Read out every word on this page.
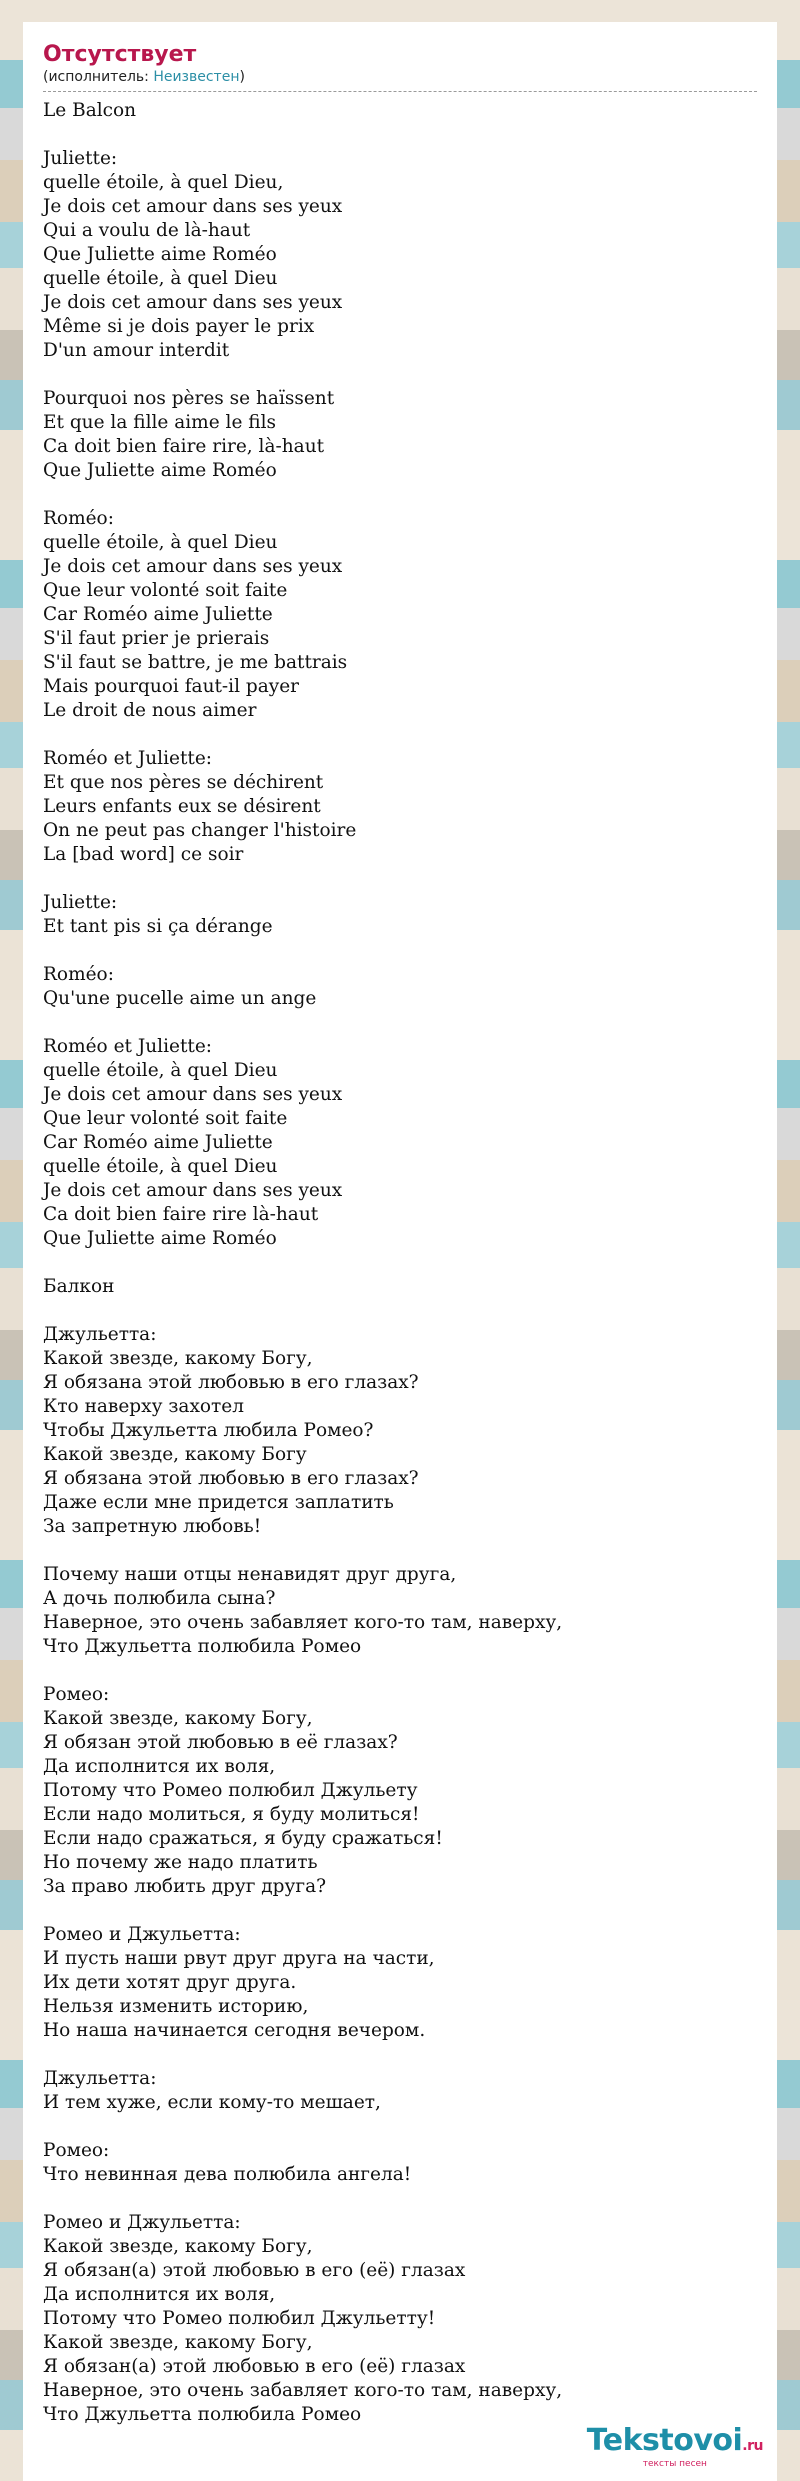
Отсутствует
(исполнитель: Неизвестен)
Le Balcon
Juliette:
quelle étoile, à quel Dieu,
Je dois cet amour dans ses yeux
Qui a voulu de là-haut
Que Juliette aime Roméo
quelle étoile, à quel Dieu
Je dois cet amour dans ses yeux
Même si je dois payer le prix
D'un amour interdit
Pourquoi nos pères se haïssent
Et que la fille aime le fils
Ca doit bien faire rire, là-haut
Que Juliette aime Roméo
Roméo:
quelle étoile, à quel Dieu
Je dois cet amour dans ses yeux
Que leur volonté soit faite
Car Roméo aime Juliette
S'il faut prier je prierais
S'il faut se battre, je me battrais
Mais pourquoi faut-il payer
Le droit de nous aimer
Roméo et Juliette:
Et que nos pères se déchirent
Leurs enfants eux se désirent
On ne peut pas changer l'histoire
La [bad word] ce soir
Juliette:
Et tant pis si ça dérange
Roméo:
Qu'une pucelle aime un ange
Roméo et Juliette:
quelle étoile, à quel Dieu
Je dois cet amour dans ses yeux
Que leur volonté soit faite
Car Roméo aime Juliette
quelle étoile, à quel Dieu
Je dois cet amour dans ses yeux
Ca doit bien faire rire là-haut
Que Juliette aime Roméo
Балкон
Джульетта:
Какой звезде, какому Богу,
Я обязана этой любовью в его глазах?
Кто наверху захотел
Чтобы Джульетта любила Ромео?
Какой звезде, какому Богу
Я обязана этой любовью в его глазах?
Даже если мне придется заплатить
За запретную любовь!
Почему наши отцы ненавидят друг друга,
А дочь полюбила сына?
Наверное, это очень забавляет кого-то там, наверху,
Что Джульетта полюбила Ромео
Ромео:
Какой звезде, какому Богу,
Я обязан этой любовью в её глазах?
Да исполнится их воля,
Потому что Ромео полюбил Джульету
Если надо молиться, я буду молиться!
Если надо сражаться, я буду сражаться!
Но почему же надо платить
За право любить друг друга?
Ромео и Джульетта:
И пусть наши рвут друг друга на части,
Их дети хотят друг друга.
Нельзя изменить историю,
Но наша начинается сегодня вечером.
Джульетта:
И тем хуже, если кому-то мешает,
Ромео:
Что невинная дева полюбила ангела!
Ромео и Джульетта:
Какой звезде, какому Богу,
Я обязан(а) этой любовью в его (её) глазах
Да исполнится их воля,
Потому что Ромео полюбил Джульетту!
Какой звезде, какому Богу,
Я обязан(а) этой любовью в его (её) глазах
Наверное, это очень забавляет кого-то там, наверху,
Что Джульетта полюбила Ромео
Tekstovoi.ru
тексты песен
